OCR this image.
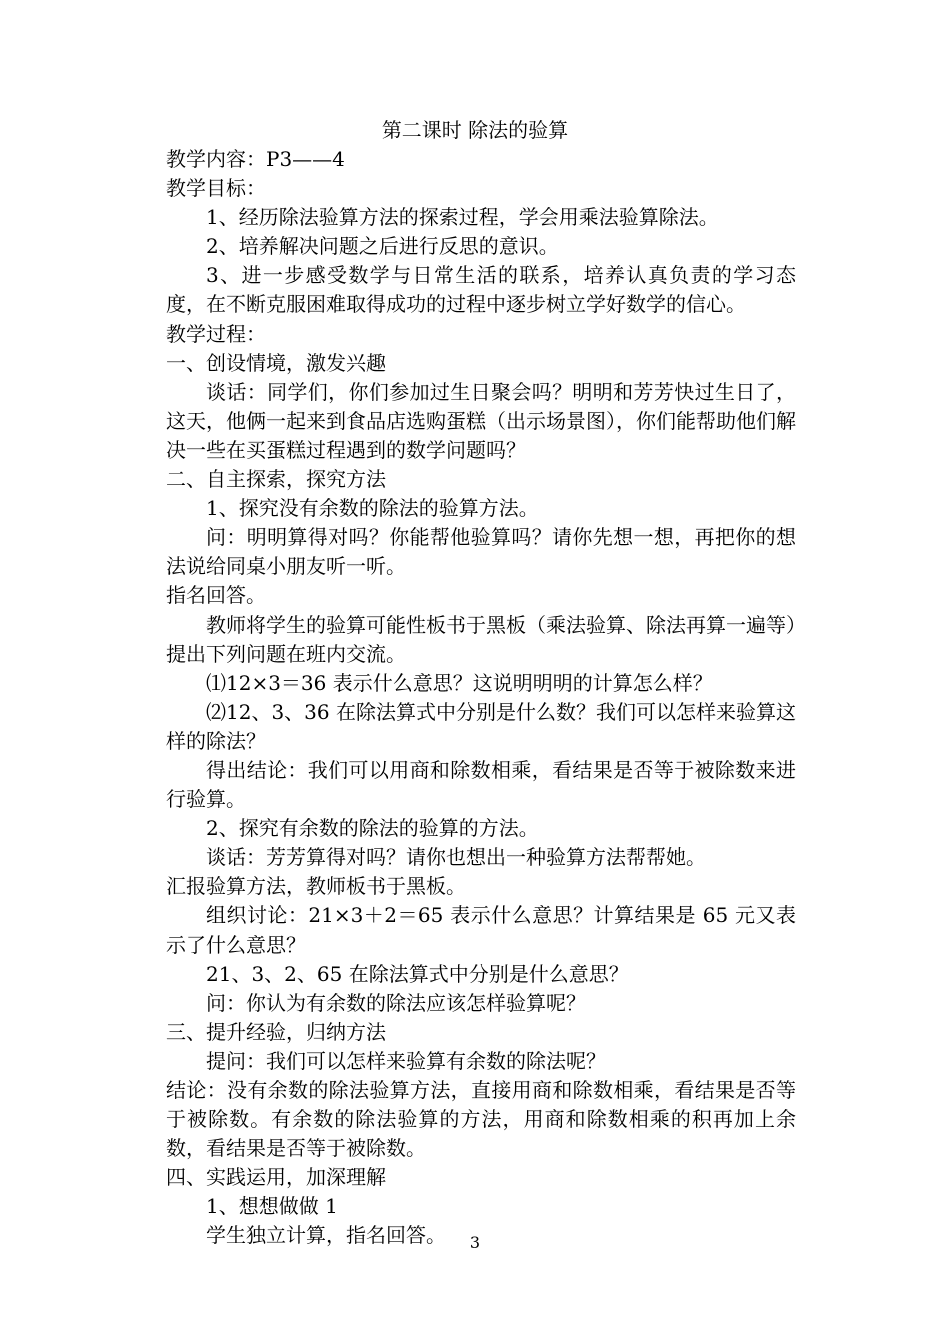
第二课时 除法的验算

教学内容：P3——4

教学目标：

1、经历除法验算方法的探索过程，学会用乘法验算除法。

2、培养解决问题之后进行反思的意识。

3、进一步感受数学与日常生活的联系，培养认真负责的学习态度，在不断克服困难取得成功的过程中逐步树立学好数学的信心。

教学过程：

一、创设情境，激发兴趣

谈话：同学们，你们参加过生日聚会吗？明明和芳芳快过生日了，这天，他俩一起来到食品店选购蛋糕（出示场景图），你们能帮助他们解决一些在买蛋糕过程遇到的数学问题吗？

二、自主探索，探究方法

1、探究没有余数的除法的验算方法。

问：明明算得对吗？你能帮他验算吗？请你先想一想，再把你的想法说给同桌小朋友听一听。

指名回答。

教师将学生的验算可能性板书于黑板（乘法验算、除法再算一遍等）提出下列问题在班内交流。

⑴12×3＝36 表示什么意思？这说明明明的计算怎么样？

⑵12、3、36 在除法算式中分别是什么数？我们可以怎样来验算这样的除法？

得出结论：我们可以用商和除数相乘，看结果是否等于被除数来进行验算。

2、探究有余数的除法的验算的方法。

谈话：芳芳算得对吗？请你也想出一种验算方法帮帮她。

汇报验算方法，教师板书于黑板。

组织讨论：21×3＋2＝65 表示什么意思？计算结果是 65 元又表示了什么意思？

21、3、2、65 在除法算式中分别是什么意思？

问：你认为有余数的除法应该怎样验算呢？

三、提升经验，归纳方法

提问：我们可以怎样来验算有余数的除法呢？

结论：没有余数的除法验算方法，直接用商和除数相乘，看结果是否等于被除数。有余数的除法验算的方法，用商和除数相乘的积再加上余数，看结果是否等于被除数。

四、实践运用，加深理解

1、想想做做 1

学生独立计算，指名回答。	3
